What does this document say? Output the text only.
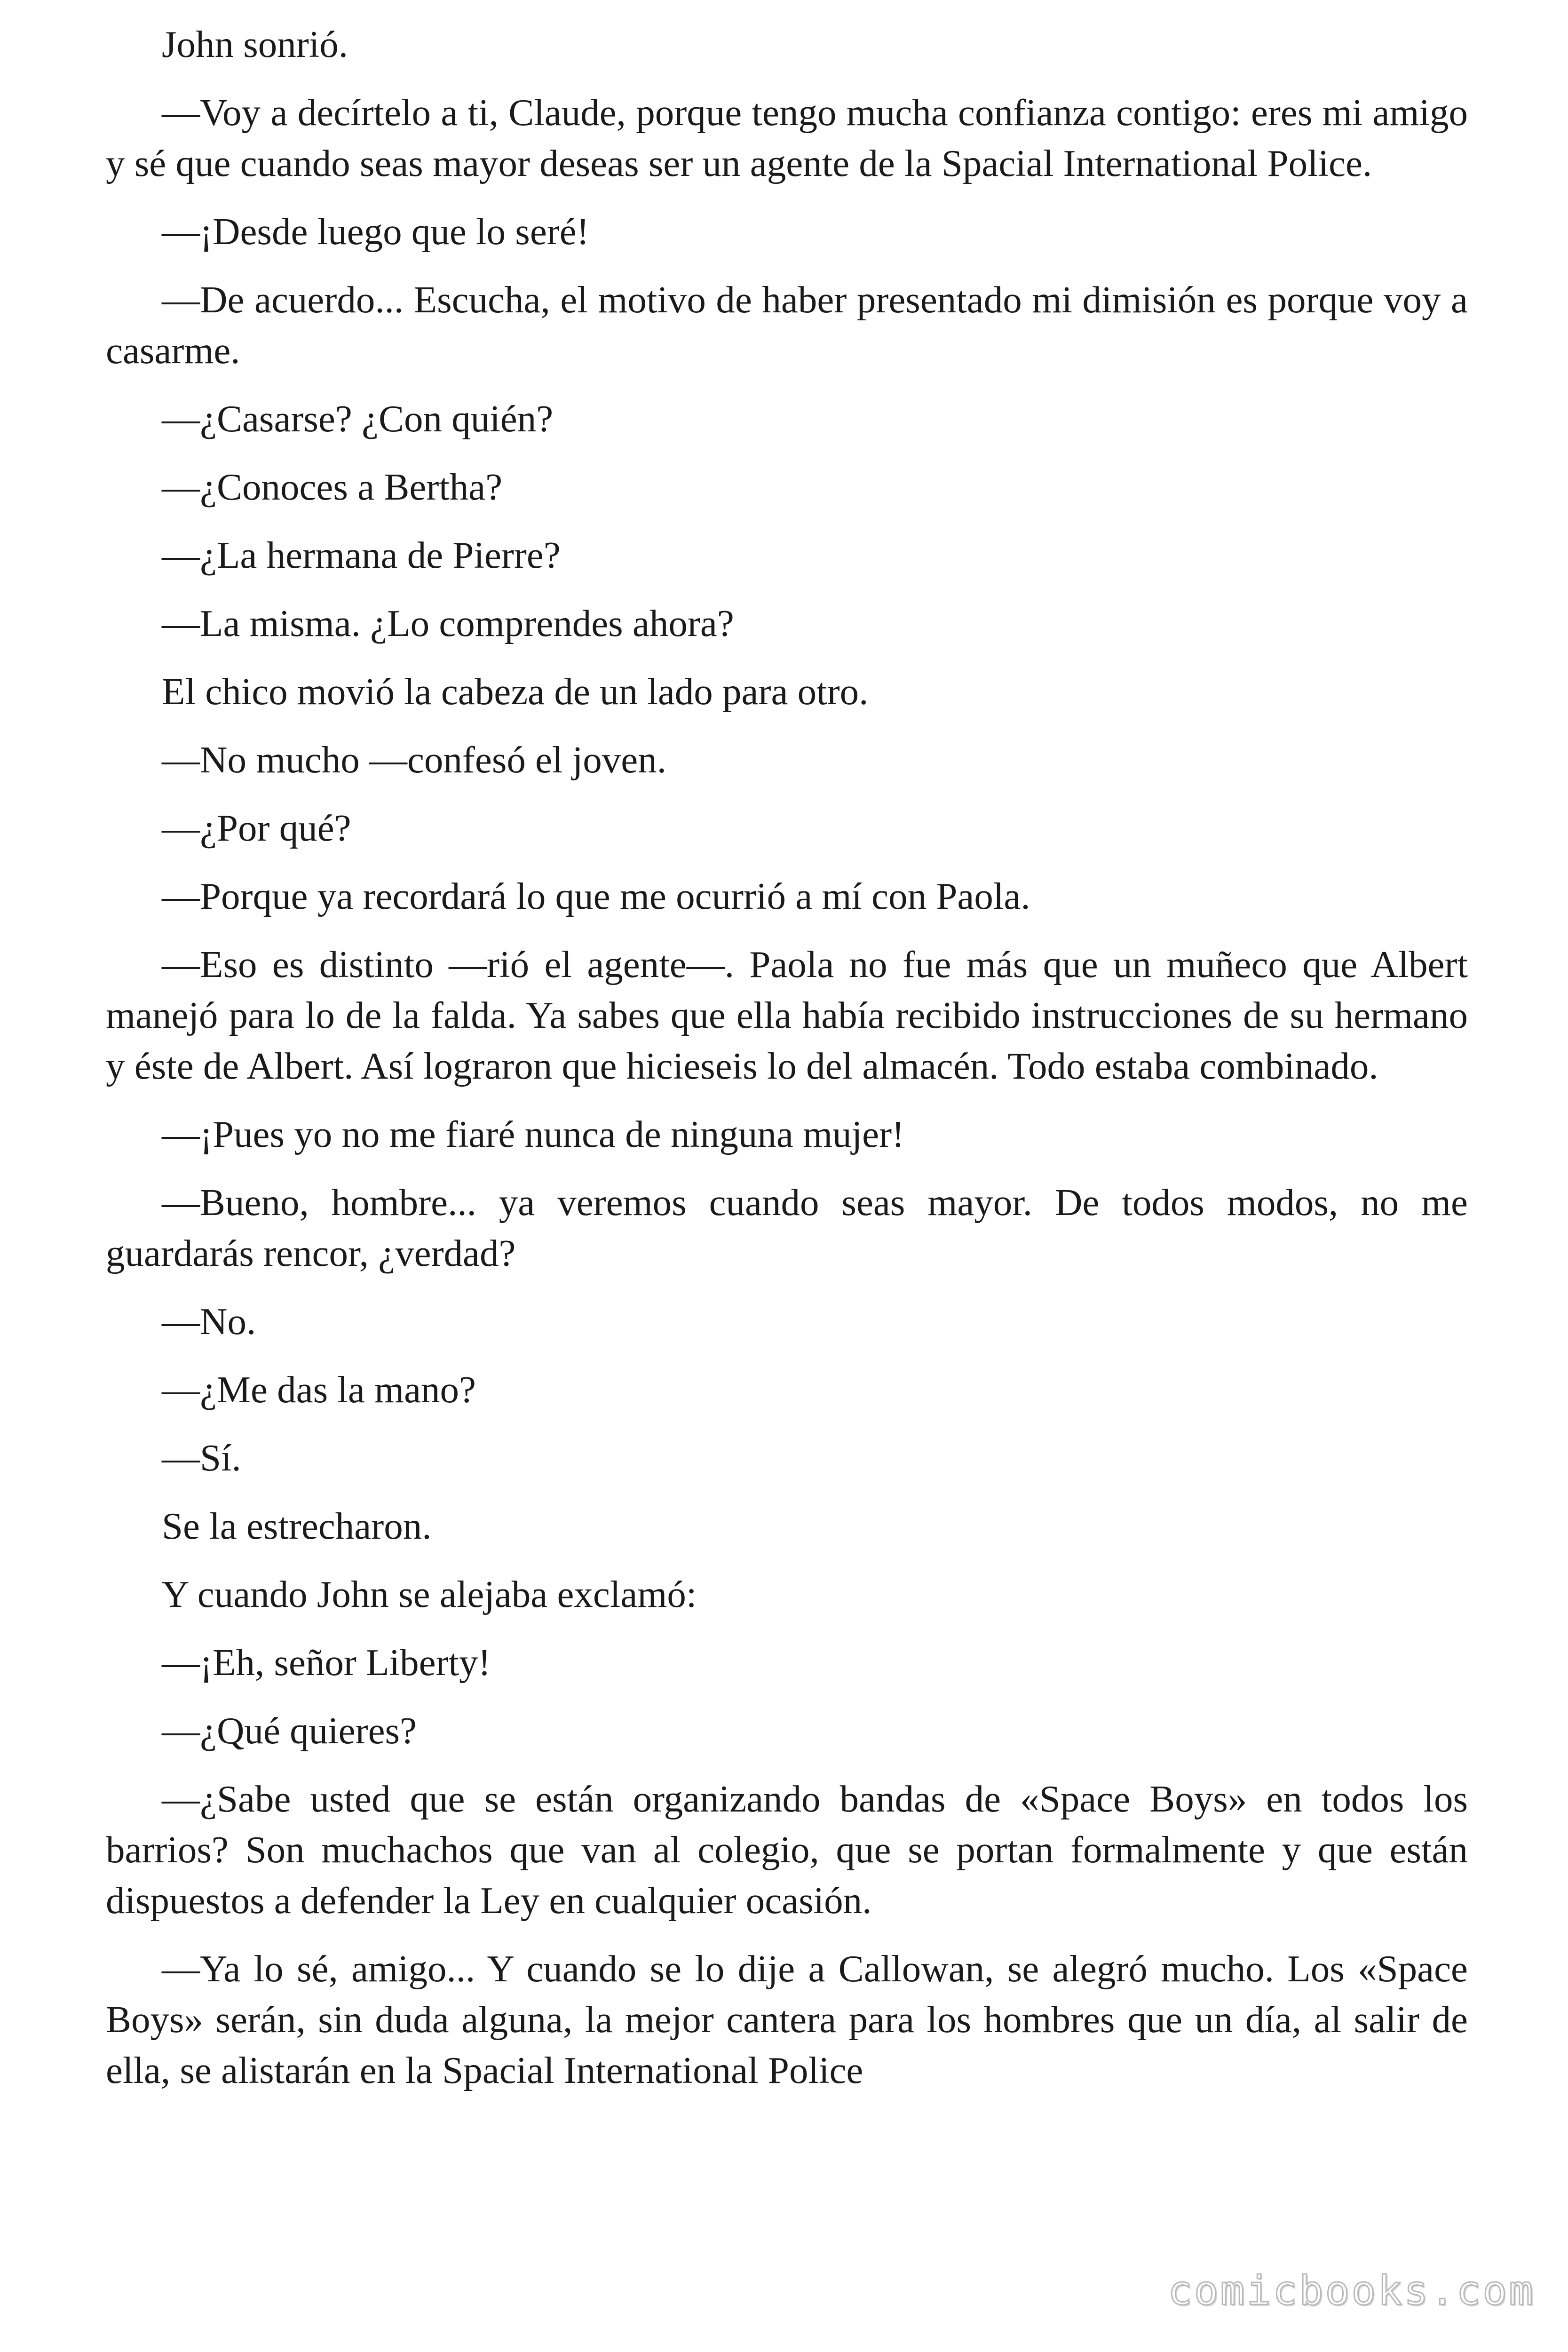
John sonrió.

—Voy a decírtelo a ti, Claude, porque tengo mucha confianza contigo: eres mi amigo y sé que cuando seas mayor deseas ser un agente de la Spacial International Police.

—¡Desde luego que lo seré!

—De acuerdo... Escucha, el motivo de haber presentado mi dimisión es porque voy a casarme.

—¿Casarse? ¿Con quién?

—¿Conoces a Bertha?

—¿La hermana de Pierre?

—La misma. ¿Lo comprendes ahora?

El chico movió la cabeza de un lado para otro.

—No mucho —confesó el joven.

—¿Por qué?

—Porque ya recordará lo que me ocurrió a mí con Paola.

—Eso es distinto —rió el agente—. Paola no fue más que un muñeco que Albert manejó para lo de la falda. Ya sabes que ella había recibido instrucciones de su hermano y éste de Albert. Así lograron que hicieseis lo del almacén. Todo estaba combinado.

—¡Pues yo no me fiaré nunca de ninguna mujer!

—Bueno, hombre... ya veremos cuando seas mayor. De todos modos, no me guardarás rencor, ¿verdad?

—No.

—¿Me das la mano?

—Sí.

Se la estrecharon.

Y cuando John se alejaba exclamó:

—¡Eh, señor Liberty!

—¿Qué quieres?

—¿Sabe usted que se están organizando bandas de «Space Boys» en todos los barrios? Son muchachos que van al colegio, que se portan formalmente y que están dispuestos a defender la Ley en cualquier ocasión.

—Ya lo sé, amigo... Y cuando se lo dije a Callowan, se alegró mucho. Los «Space Boys» serán, sin duda alguna, la mejor cantera para los hombres que un día, al salir de ella, se alistarán en la Spacial International Police

comicbooks.com
